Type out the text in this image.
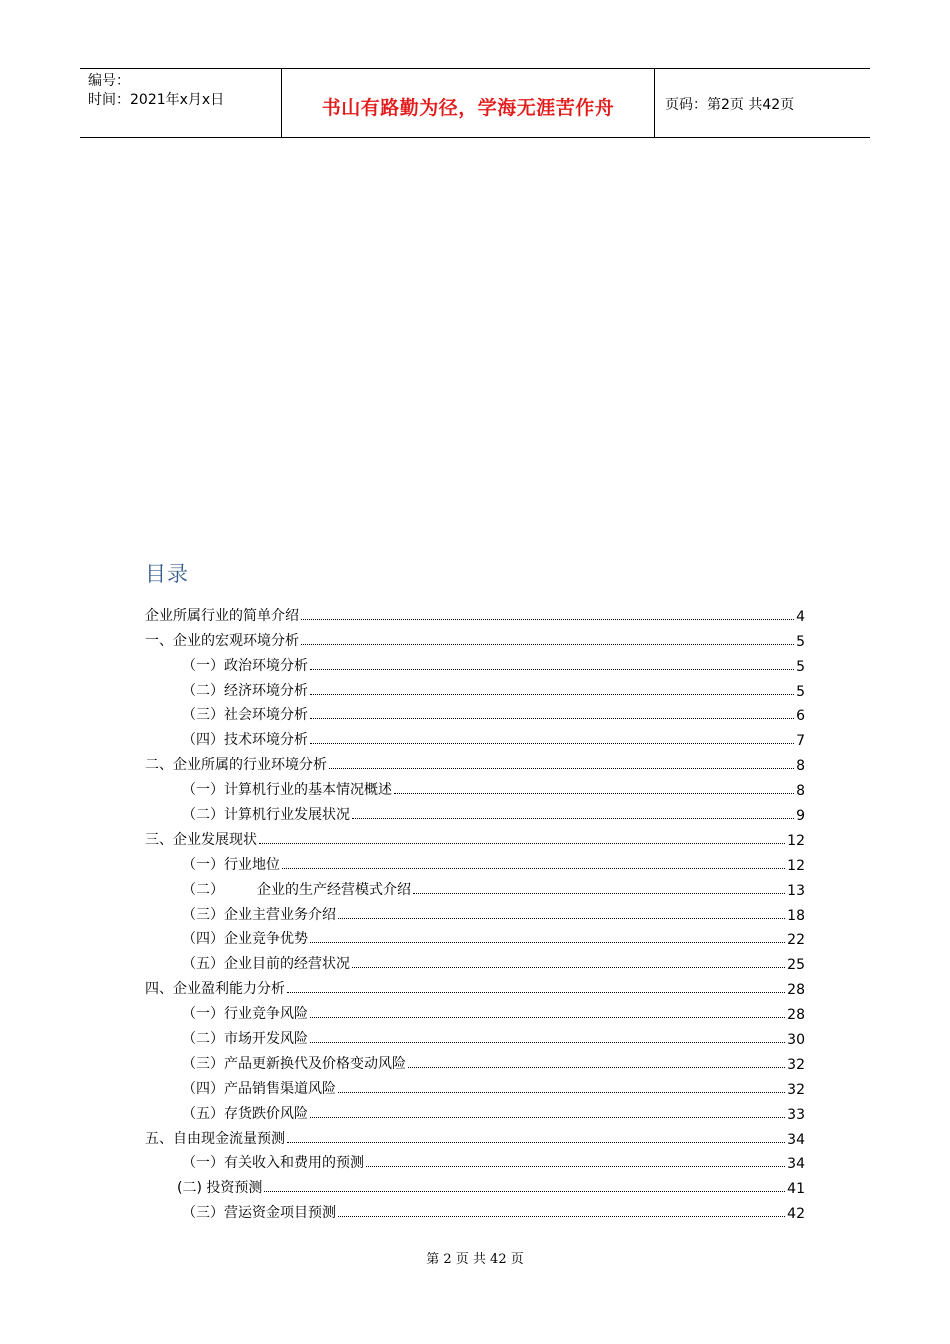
编号：
时间：2021年x月x日	书山有路勤为径，学海无涯苦作舟	页码：第2页 共42页
目录
企业所属行业的简单介绍	4
一、企业的宏观环境分析	5
（一）政治环境分析	5
（二）经济环境分析	5
（三）社会环境分析	6
（四）技术环境分析	7
二、企业所属的行业环境分析	8
（一）计算机行业的基本情况概述	8
（二）计算机行业发展状况	9
三、企业发展现状	12
（一）行业地位	12
（二） 企业的生产经营模式介绍	13
（三）企业主营业务介绍	18
（四）企业竞争优势	22
（五）企业目前的经营状况	25
四、企业盈利能力分析	28
（一）行业竞争风险	28
（二）市场开发风险	30
（三）产品更新换代及价格变动风险	32
（四）产品销售渠道风险	32
（五）存货跌价风险	33
五、自由现金流量预测	34
（一）有关收入和费用的预测	34
(二) 投资预测	41
（三）营运资金项目预测	42
第 2 页 共 42 页
